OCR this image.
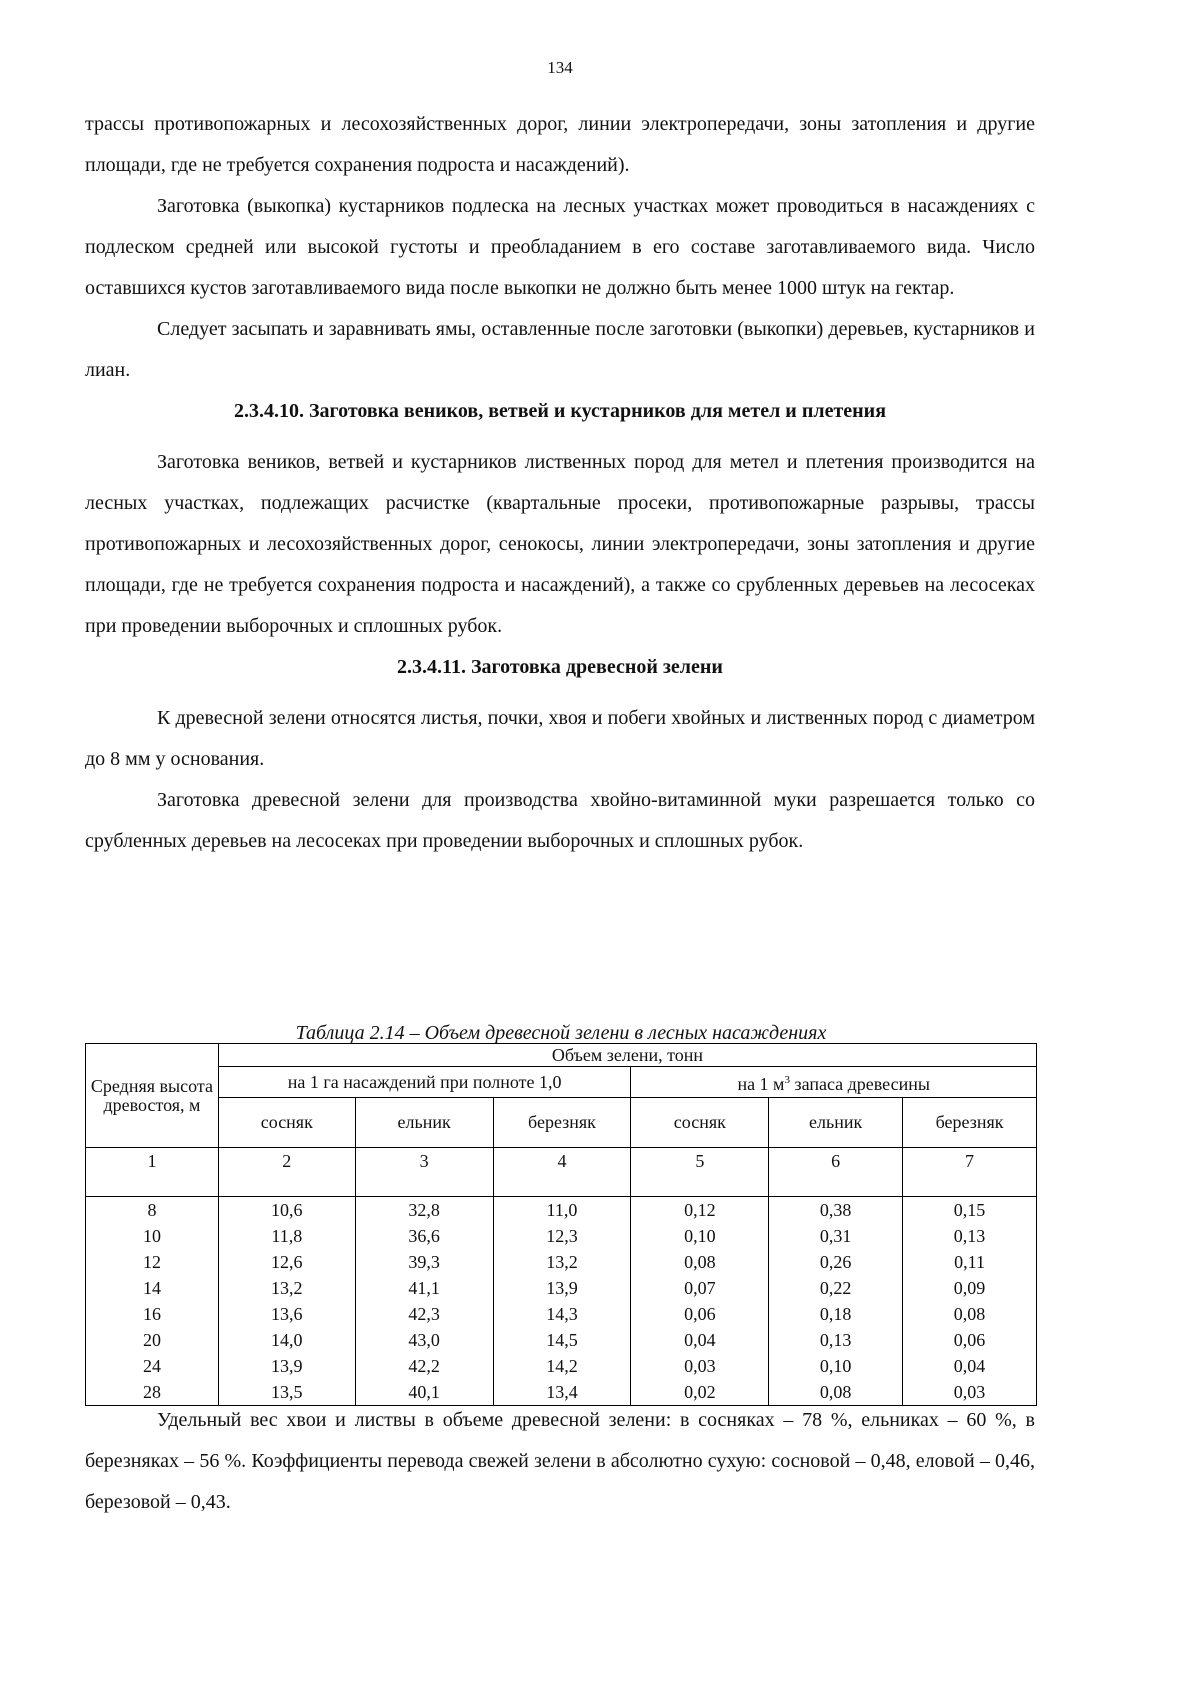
134

трассы противопожарных и лесохозяйственных дорог, линии электропередачи, зоны затопления и другие площади, где не требуется сохранения подроста и насаждений).

Заготовка (выкопка) кустарников подлеска на лесных участках может проводиться в насаждениях с подлеском средней или высокой густоты и преобладанием в его составе заготавливаемого вида. Число оставшихся кустов заготавливаемого вида после выкопки не должно быть менее 1000 штук на гектар.

Следует засыпать и заравнивать ямы, оставленные после заготовки (выкопки) деревьев, кустарников и лиан.

2.3.4.10. Заготовка веников, ветвей и кустарников для метел и плетения

Заготовка веников, ветвей и кустарников лиственных пород для метел и плетения производится на лесных участках, подлежащих расчистке (квартальные просеки, противопожарные разрывы, трассы противопожарных и лесохозяйственных дорог, сенокосы, линии электропередачи, зоны затопления и другие площади, где не требуется сохранения подроста и насаждений), а также со срубленных деревьев на лесосеках при проведении выборочных и сплошных рубок.

2.3.4.11. Заготовка древесной зелени

К древесной зелени относятся листья, почки, хвоя и побеги хвойных и лиственных пород с диаметром до 8 мм у основания.

Заготовка древесной зелени для производства хвойно-витаминной муки разрешается только со срубленных деревьев на лесосеках при проведении выборочных и сплошных рубок.

Таблица 2.14 – Объем древесной зелени в лесных насаждениях
Средняя высота древостоя, м	Объем зелени, тонн					
	на 1 га насаждений при полноте 1,0			на 1 $м^3$ запаса древесины		
	сосняк	ельник	березняк	сосняк	ельник	березняк
1	2	3	4	5	6	7
8	10,6	32,8	11,0	0,12	0,38	0,15
10	11,8	36,6	12,3	0,10	0,31	0,13
12	12,6	39,3	13,2	0,08	0,26	0,11
14	13,2	41,1	13,9	0,07	0,22	0,09
16	13,6	42,3	14,3	0,06	0,18	0,08
20	14,0	43,0	14,5	0,04	0,13	0,06
24	13,9	42,2	14,2	0,03	0,10	0,04
28	13,5	40,1	13,4	0,02	0,08	0,03

Удельный вес хвои и листвы в объеме древесной зелени: в сосняках – 78 %, ельниках – 60 %, в березняках – 56 %. Коэффициенты перевода свежей зелени в абсолютно сухую: сосновой – 0,48, еловой – 0,46, березовой – 0,43.
